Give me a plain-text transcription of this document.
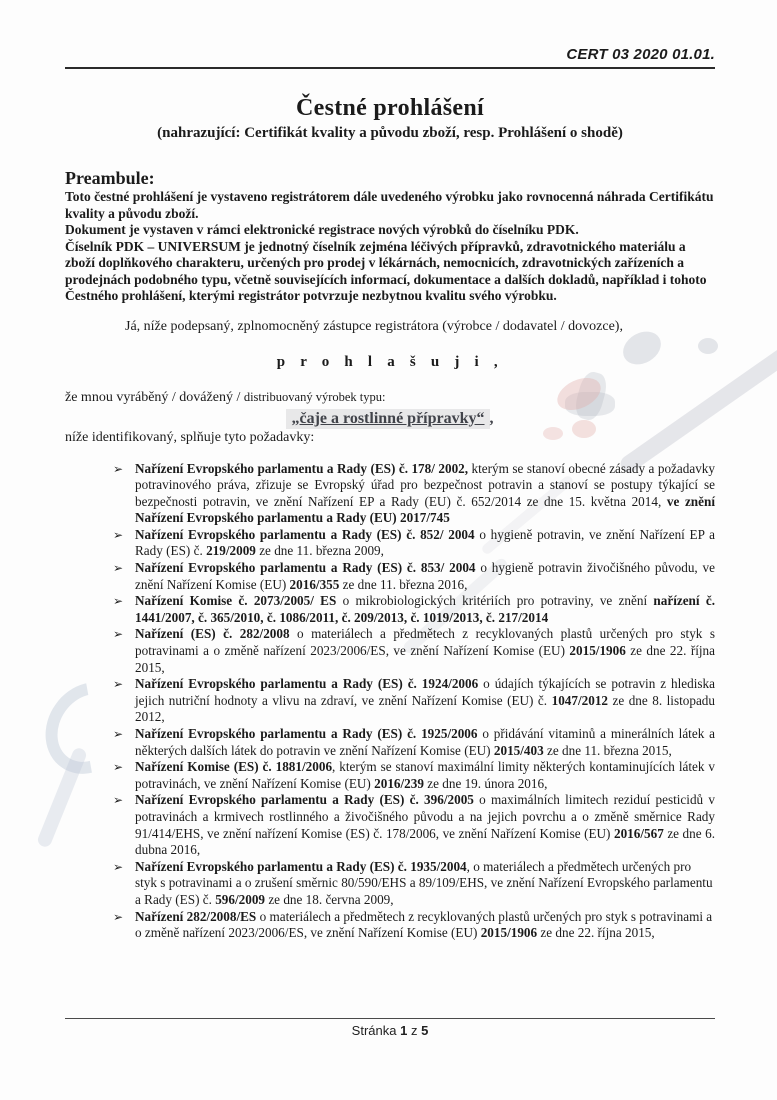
CERT 03 2020 01.01.
Čestné prohlášení
(nahrazující: Certifikát kvality a původu zboží, resp. Prohlášení o shodě)
Preambule:

Toto čestné prohlášení je vystaveno registrátorem dále uvedeného výrobku jako rovnocenná náhrada Certifikátu kvality a původu zboží.

Dokument je vystaven v rámci elektronické registrace nových výrobků do číselníku PDK.

Číselník PDK – UNIVERSUM je jednotný číselník zejména léčivých přípravků, zdravotnického materiálu a zboží doplňkového charakteru, určených pro prodej v lékárnách, nemocnicích, zdravotnických zařízeních a prodejnách podobného typu, včetně souvisejících informací, dokumentace a dalších dokladů, například i tohoto Čestného prohlášení, kterými registrátor potvrzuje nezbytnou kvalitu svého výrobku.

Já, níže podepsaný, zplnomocněný zástupce registrátora (výrobce / dodavatel / dovozce),

p r o h l a š u j i ,

že mnou vyráběný / dovážený / distribuovaný výrobek typu:

„čaje a rostlinné přípravky“ ,

níže identifikovaný, splňuje tyto požadavky:

➢ Nařízení Evropského parlamentu a Rady (ES) č. 178/ 2002, kterým se stanoví obecné zásady a požadavky potravinového práva, zřizuje se Evropský úřad pro bezpečnost potravin a stanoví se postupy týkající se bezpečnosti potravin, ve znění Nařízení EP a Rady (EU) č. 652/2014 ze dne 15. května 2014, ve znění Nařízení Evropského parlamentu a Rady (EU) 2017/745
➢ Nařízení Evropského parlamentu a Rady (ES) č. 852/ 2004 o hygieně potravin, ve znění Nařízení EP a Rady (ES) č. 219/2009 ze dne 11. března 2009,
➢ Nařízení Evropského parlamentu a Rady (ES) č. 853/ 2004 o hygieně potravin živočišného původu, ve znění Nařízení Komise (EU) 2016/355 ze dne 11. března 2016,
➢ Nařízení Komise č. 2073/2005/ ES o mikrobiologických kritériích pro potraviny, ve znění nařízení č. 1441/2007, č. 365/2010, č. 1086/2011, č. 209/2013, č. 1019/2013, č. 217/2014
➢ Nařízení (ES) č. 282/2008 o materiálech a předmětech z recyklovaných plastů určených pro styk s potravinami a o změně nařízení 2023/2006/ES, ve znění Nařízení Komise (EU) 2015/1906 ze dne 22. října 2015,
➢ Nařízení Evropského parlamentu a Rady (ES) č. 1924/2006 o údajích týkajících se potravin z hlediska jejich nutriční hodnoty a vlivu na zdraví, ve znění Nařízení Komise (EU) č. 1047/2012 ze dne 8. listopadu 2012,
➢ Nařízení Evropského parlamentu a Rady (ES) č. 1925/2006 o přidávání vitaminů a minerálních látek a některých dalších látek do potravin ve znění Nařízení Komise (EU) 2015/403 ze dne 11. března 2015,
➢ Nařízení Komise (ES) č. 1881/2006, kterým se stanoví maximální limity některých kontaminujících látek v potravinách, ve znění Nařízení Komise (EU) 2016/239 ze dne 19. února 2016,
➢ Nařízení Evropského parlamentu a Rady (ES) č. 396/2005 o maximálních limitech reziduí pesticidů v potravinách a krmivech rostlinného a živočišného původu a na jejich povrchu a o změně směrnice Rady 91/414/EHS, ve znění nařízení Komise (ES) č. 178/2006, ve znění Nařízení Komise (EU) 2016/567 ze dne 6. dubna 2016,
➢ Nařízení Evropského parlamentu a Rady (ES) č. 1935/2004, o materiálech a předmětech určených pro styk s potravinami a o zrušení směrnic 80/590/EHS a 89/109/EHS, ve znění Nařízení Evropského parlamentu a Rady (ES) č. 596/2009 ze dne 18. června 2009,
➢ Nařízení 282/2008/ES o materiálech a předmětech z recyklovaných plastů určených pro styk s potravinami a o změně nařízení 2023/2006/ES, ve znění Nařízení Komise (EU) 2015/1906 ze dne 22. října 2015,
Stránka 1 z 5
